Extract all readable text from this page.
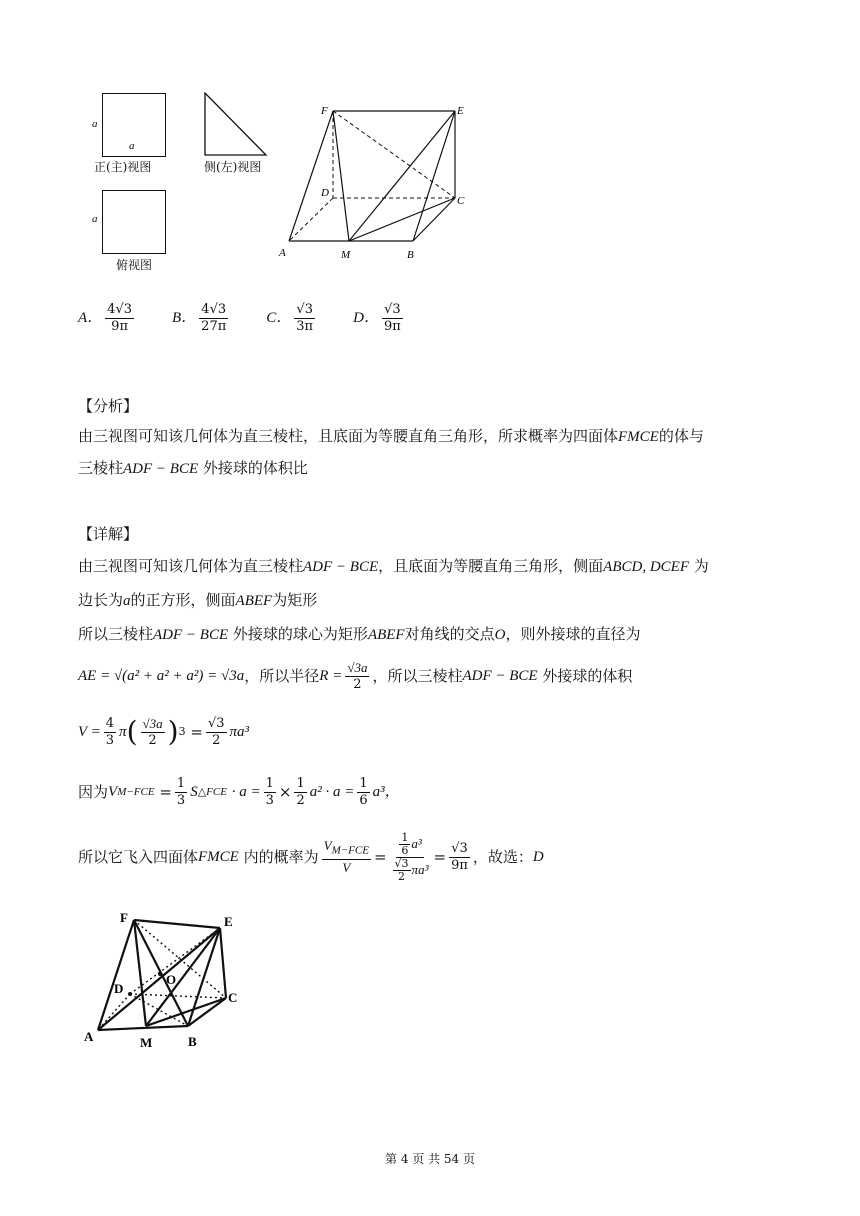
a
a
正(主)视图	侧(左)视图
a
俯视图
F	E
D
C
A	M	B
A． $\frac{4√3}{9\pi}$	B． $\frac{4√3}{27\pi}$	C． $\frac{√3}{3\pi}$	D． $\frac{√3}{9\pi}$
【分析】
由三视图可知该几何体为直三棱柱，且底面为等腰直角三角形，所求概率为四面体FMCE的体与
三棱柱ADF − BCE 外接球的体积比
【详解】
由三视图可知该几何体为直三棱柱ADF − BCE，且底面为等腰直角三角形，侧面ABCD, DCEF 为
边长为a的正方形，侧面ABEF为矩形
所以三棱柱ADF − BCE 外接球的球心为矩形ABEF对角线的交点O，则外接球的直径为
AE = √(a² + a² + a²) = √3a ，所以半径 $R = \frac{√3a}{2}$ ，所以三棱柱 ADF − BCE
外接球的体积
$V = \frac{4}{3}$ π ( $\frac{√3a}{2}$ ) 3
= $\frac{√3}{2} \pi a^3$
因为 V M−FCE
= $\frac{1}{3}$ S △FCE
· $a = \frac{1}{3} \times \frac{1}{2} a^2 \cdot a = \frac{1}{6} a^3$，
所以它飞入四面体 FMCE
内的概率为 $\frac{V_{M-FCE}}{V} = \frac{\frac{1}{6} a^3}{\frac{√3}{2} \pi a^3} = \frac{√3}{9\pi}$ ，故选： D
F	E
D
O
C
A	M	B
第 4 页 共 54 页
